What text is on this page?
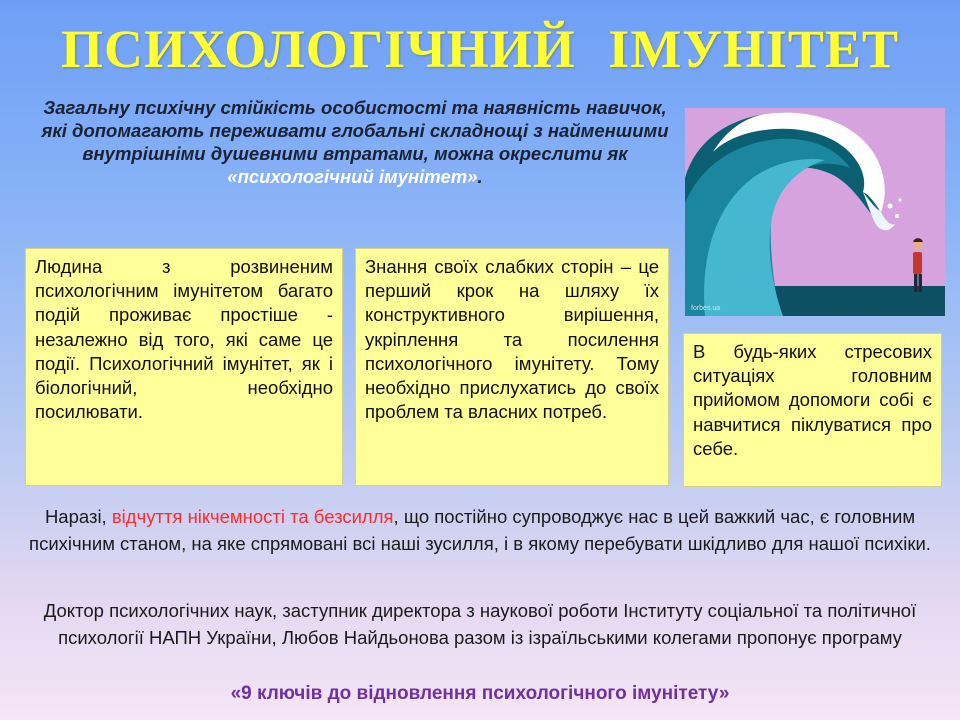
ПСИХОЛОГІЧНИЙ ІМУНІТЕТ
Загальну психічну стійкість особистості та наявність навичок, які допомагають переживати глобальні складнощі з найменшими внутрішніми душевними втратами, можна окреслити як «психологічний імунітет».
Людина з розвиненим психологічним імунітетом багато подій проживає простіше - незалежно від того, які саме це події. Психологічний імунітет, як і біологічний, необхідно посилювати.
Знання своїх слабких сторін – це перший крок на шляху їх конструктивного вирішення, укріплення та посилення психологічного імунітету. Тому необхідно прислухатись до своїх проблем та власних потреб.
В будь-яких стресових ситуаціях головним прийомом допомоги собі є навчитися піклуватися про себе.
forbes.ua
Наразі, відчуття нікчемності та безсилля, що постійно супроводжує нас в цей важкий час, є головним психічним станом, на яке спрямовані всі наші зусилля, і в якому перебувати шкідливо для нашої психіки.
Доктор психологічних наук, заступник директора з наукової роботи Інституту соціальної та політичної психології НАПН України, Любов Найдьонова разом із ізраїльськими колегами пропонує програму
«9 ключів до відновлення психологічного імунітету»
